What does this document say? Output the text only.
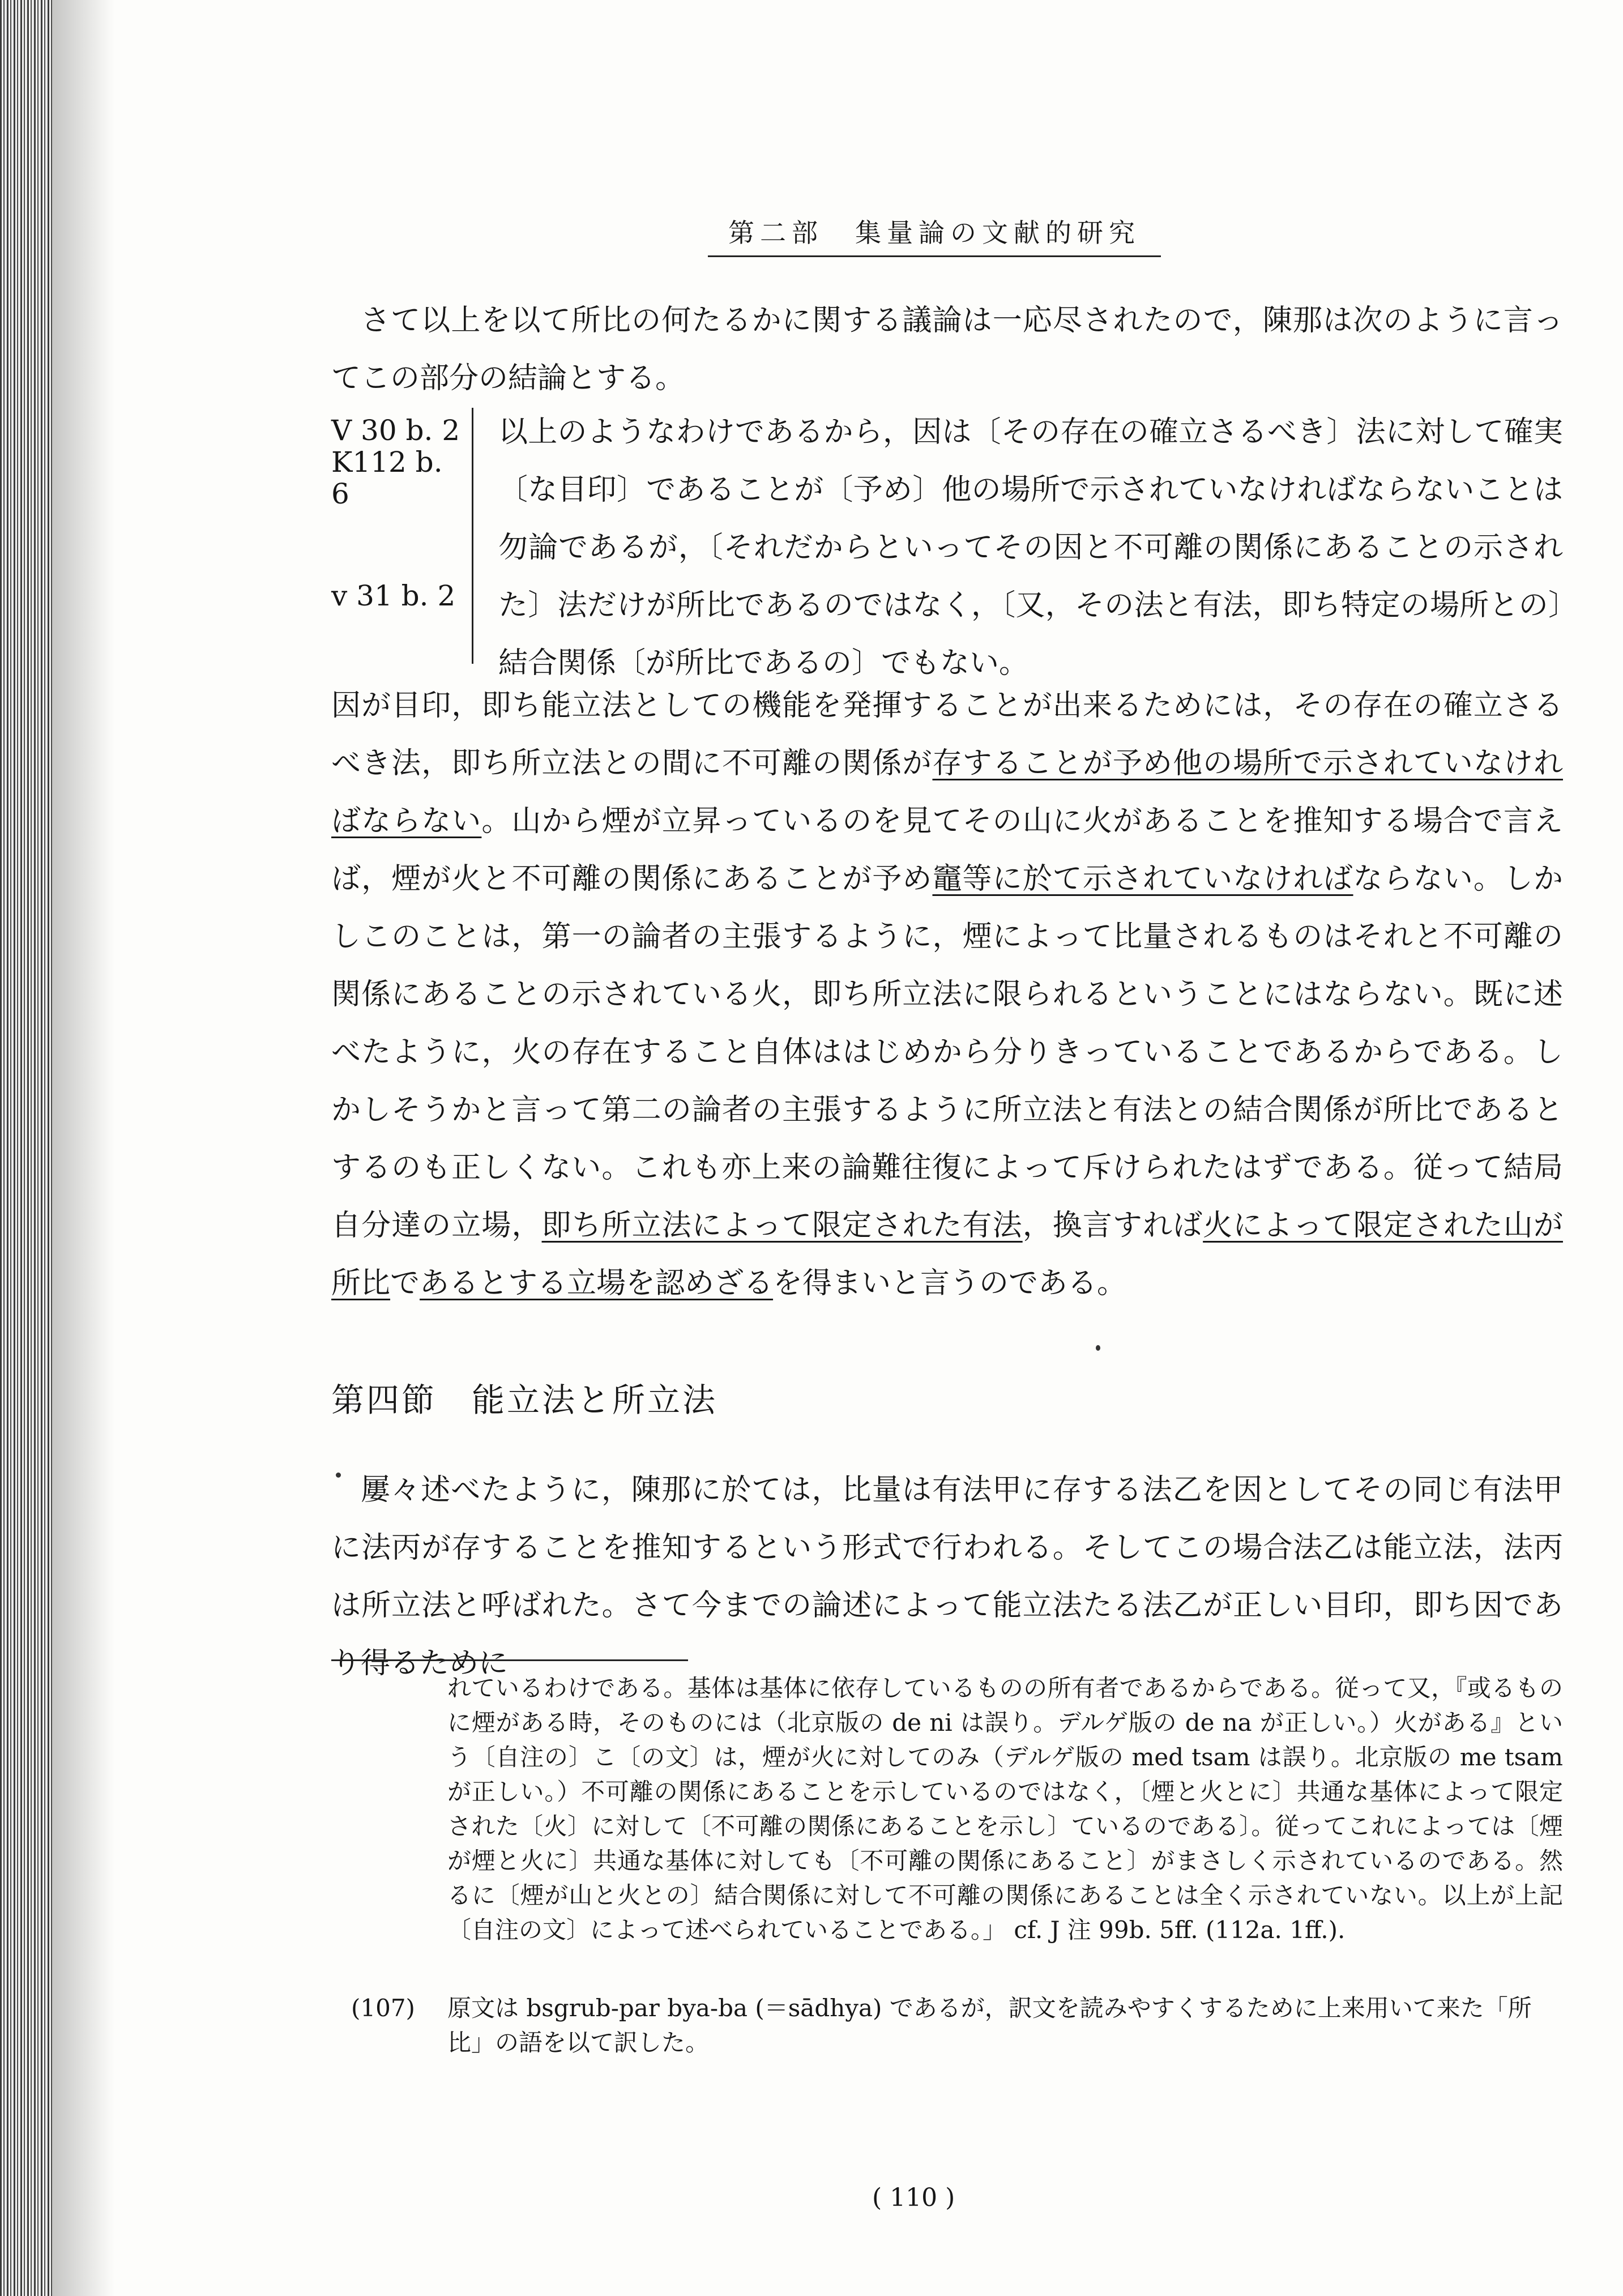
第二部　集量論の文献的研究

さて以上を以て所比の何たるかに関する議論は一応尽されたので，陳那は次のように言ってこの部分の結論とする。

V 30 b. 2
K112 b. 6
v 31 b. 2
以上のようなわけであるから，因は〔その存在の確立さるべき〕法に対して確実〔な目印〕であることが〔予め〕他の場所で示されていなければならないことは勿論であるが，〔それだからといってその因と不可離の関係にあることの示された〕法だけが所比であるのではなく，〔又，その法と有法，即ち特定の場所との〕結合関係〔が所比であるの〕でもない。

因が目印，即ち能立法としての機能を発揮することが出来るためには，その存在の確立さるべき法，即ち所立法との間に不可離の関係が存することが予め他の場所で示されていなければならない。山から煙が立昇っているのを見てその山に火があることを推知する場合で言えば，煙が火と不可離の関係にあることが予め竈等に於て示されていなければならない。しかしこのことは，第一の論者の主張するように，煙によって比量されるものはそれと不可離の関係にあることの示されている火，即ち所立法に限られるということにはならない。既に述べたように，火の存在すること自体ははじめから分りきっていることであるからである。しかしそうかと言って第二の論者の主張するように所立法と有法との結合関係が所比であるとするのも正しくない。これも亦上来の論難往復によって斥けられたはずである。従って結局自分達の立場，即ち所立法によって限定された有法，換言すれば火によって限定された山が所比であるとする立場を認めざるを得まいと言うのである。

第四節　能立法と所立法

屢々述べたように，陳那に於ては，比量は有法甲に存する法乙を因としてその同じ有法甲に法丙が存することを推知するという形式で行われる。そしてこの場合法乙は能立法，法丙は所立法と呼ばれた。さて今までの論述によって能立法たる法乙が正しい目印，即ち因であり得るために

れているわけである。基体は基体に依存しているものの所有者であるからである。従って又，『或るものに煙がある時，そのものには（北京版の de ni は誤り。デルゲ版の de na が正しい。）火がある』という〔自注の〕こ〔の文〕は，煙が火に対してのみ（デルゲ版の med tsam は誤り。北京版の me tsam が正しい。）不可離の関係にあることを示しているのではなく，〔煙と火とに〕共通な基体によって限定された〔火〕に対して〔不可離の関係にあることを示し〕ているのである〕。従ってこれによっては〔煙が煙と火に〕共通な基体に対しても〔不可離の関係にあること〕がまさしく示されているのである。然るに〔煙が山と火との〕結合関係に対して不可離の関係にあることは全く示されていない。以上が上記〔自注の文〕によって述べられていることである。」 cf. J 注 99b. 5ff. (112a. 1ff.).
(107) 原文は bsgrub-par bya-ba (＝sādhya) であるが，訳文を読みやすくするために上来用いて来た「所比」の語を以て訳した。
( 110 )
